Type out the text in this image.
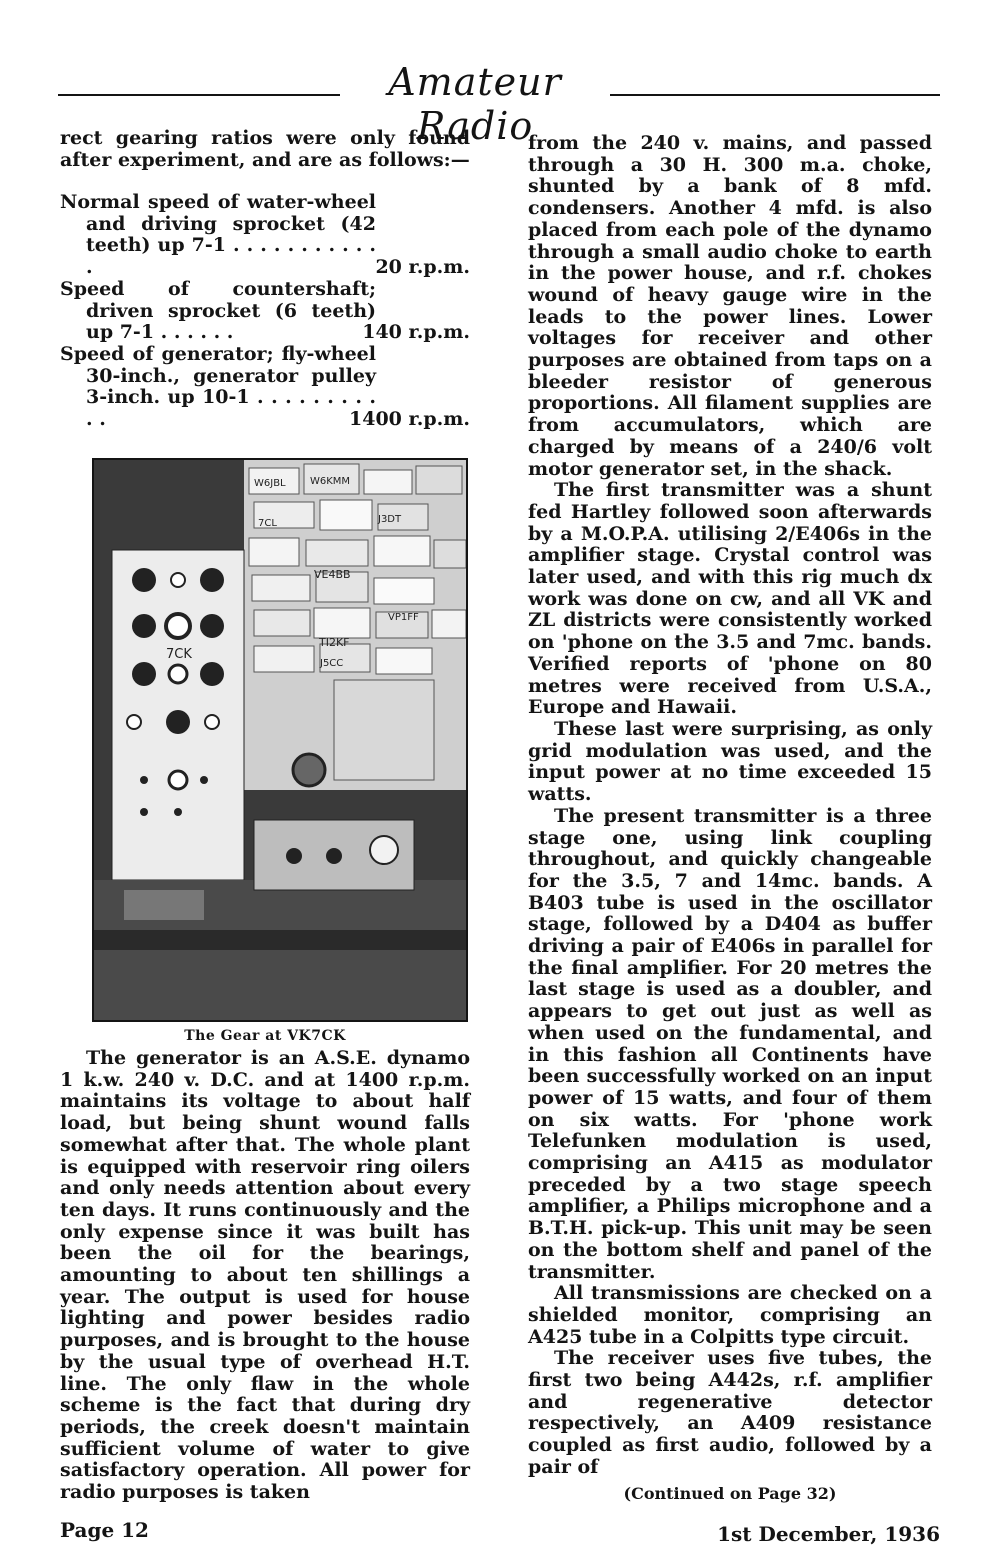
Amateur Radio

rect gearing ratios were only found after experiment, and are as follows:—

Normal speed of water-wheel and driving sprocket (42 teeth) up 7-1 . . . . . . . . . . . .	20 r.p.m.
Speed of countershaft; driven sprocket (6 teeth) up 7-1 . . . . . .	140 r.p.m.
Speed of generator; fly-wheel 30-inch., generator pulley 3-inch. up 10-1 . . . . . . . . . . .	1400 r.p.m.
VE4BB
TI2KF
VP1FF
J5CC
7CL	J3DT
W6JBL W6KMM
7CK
The Gear at VK7CK

The generator is an A.S.E. dynamo 1 k.w. 240 v. D.C. and at 1400 r.p.m. maintains its voltage to about half load, but being shunt wound falls somewhat after that. The whole plant is equipped with reservoir ring oilers and only needs attention about every ten days. It runs continuously and the only expense since it was built has been the oil for the bearings, amounting to about ten shillings a year. The output is used for house lighting and power besides radio purposes, and is brought to the house by the usual type of overhead H.T. line. The only flaw in the whole scheme is the fact that during dry periods, the creek doesn't maintain sufficient volume of water to give satisfactory operation. All power for radio purposes is taken

from the 240 v. mains, and passed through a 30 H. 300 m.a. choke, shunted by a bank of 8 mfd. condensers. Another 4 mfd. is also placed from each pole of the dynamo through a small audio choke to earth in the power house, and r.f. chokes wound of heavy gauge wire in the leads to the power lines. Lower voltages for receiver and other purposes are obtained from taps on a bleeder resistor of generous proportions. All filament supplies are from accumulators, which are charged by means of a 240/6 volt motor generator set, in the shack.

The first transmitter was a shunt fed Hartley followed soon afterwards by a M.O.P.A. utilising 2/E406s in the amplifier stage. Crystal control was later used, and with this rig much dx work was done on cw, and all VK and ZL districts were consistently worked on 'phone on the 3.5 and 7mc. bands. Verified reports of 'phone on 80 metres were received from U.S.A., Europe and Hawaii.

These last were surprising, as only grid modulation was used, and the input power at no time exceeded 15 watts.

The present transmitter is a three stage one, using link coupling throughout, and quickly changeable for the 3.5, 7 and 14mc. bands. A B403 tube is used in the oscillator stage, followed by a D404 as buffer driving a pair of E406s in parallel for the final amplifier. For 20 metres the last stage is used as a doubler, and appears to get out just as well as when used on the fundamental, and in this fashion all Continents have been successfully worked on an input power of 15 watts, and four of them on six watts. For 'phone work Telefunken modulation is used, comprising an A415 as modulator preceded by a two stage speech amplifier, a Philips microphone and a B.T.H. pick-up. This unit may be seen on the bottom shelf and panel of the transmitter.

All transmissions are checked on a shielded monitor, comprising an A425 tube in a Colpitts type circuit.

The receiver uses five tubes, the first two being A442s, r.f. amplifier and regenerative detector respectively, an A409 resistance coupled as first audio, followed by a pair of

(Continued on Page 32)
Page 12	1st December, 1936
